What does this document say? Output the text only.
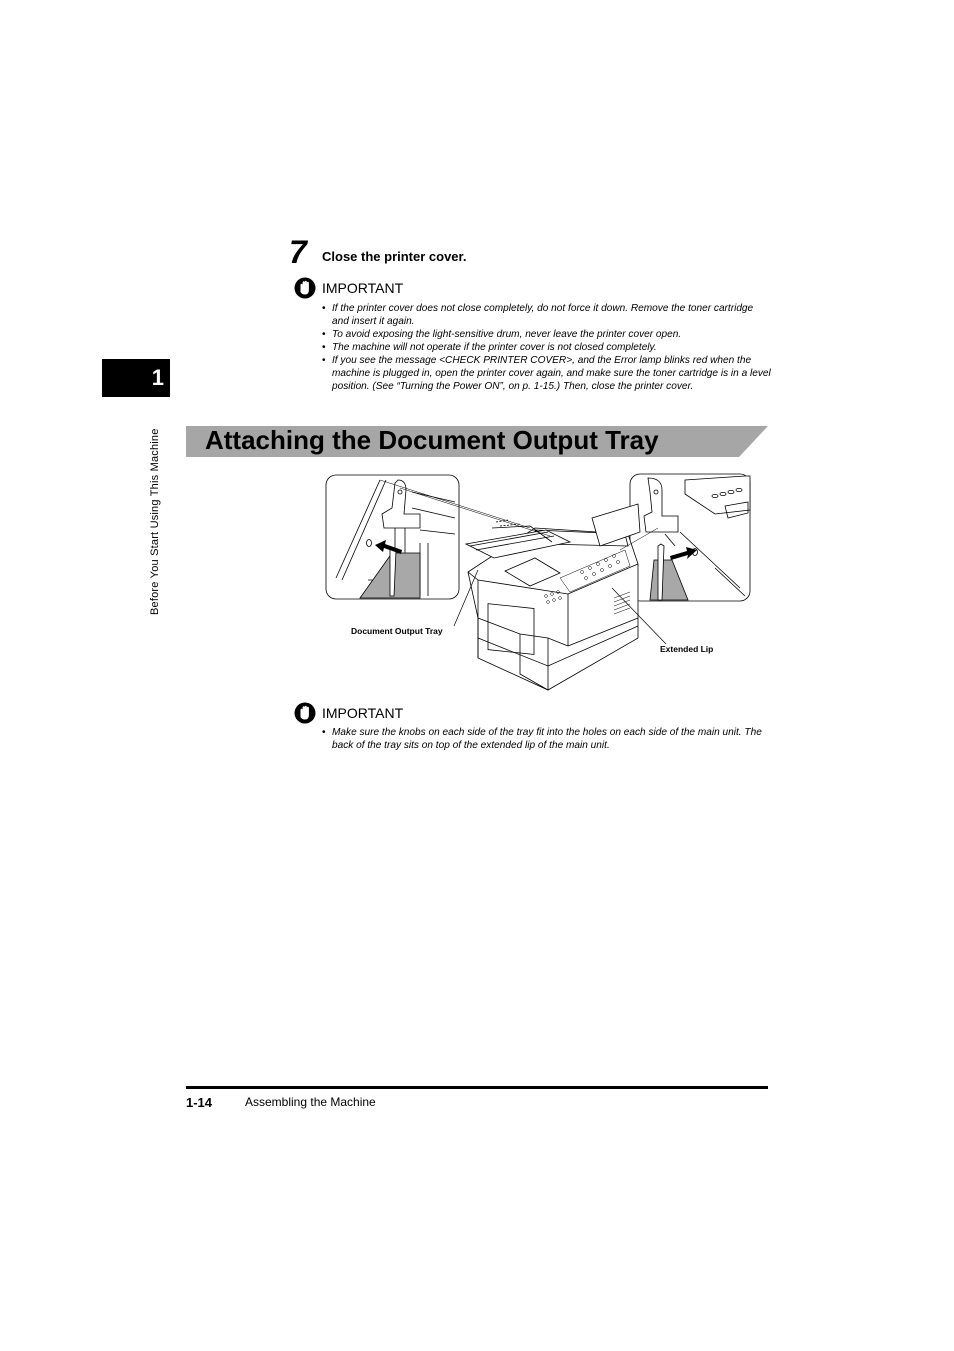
1
Before You Start Using This Machine
7 Close the printer cover.
IMPORTANT
• If the printer cover does not close completely, do not force it down. Remove the toner cartridge and insert it again.
• To avoid exposing the light-sensitive drum, never leave the printer cover open.
• The machine will not operate if the printer cover is not closed completely.
• If you see the message <CHECK PRINTER COVER>, and the Error lamp blinks red when the machine is plugged in, open the printer cover again, and make sure the toner cartridge is in a level position. (See “Turning the Power ON”, on p. 1-15.) Then, close the printer cover.
Attaching the Document Output Tray
Document Output Tray
Extended Lip
IMPORTANT
• Make sure the knobs on each side of the tray fit into the holes on each side of the main unit. The back of the tray sits on top of the extended lip of the main unit.
1-14	Assembling the Machine
